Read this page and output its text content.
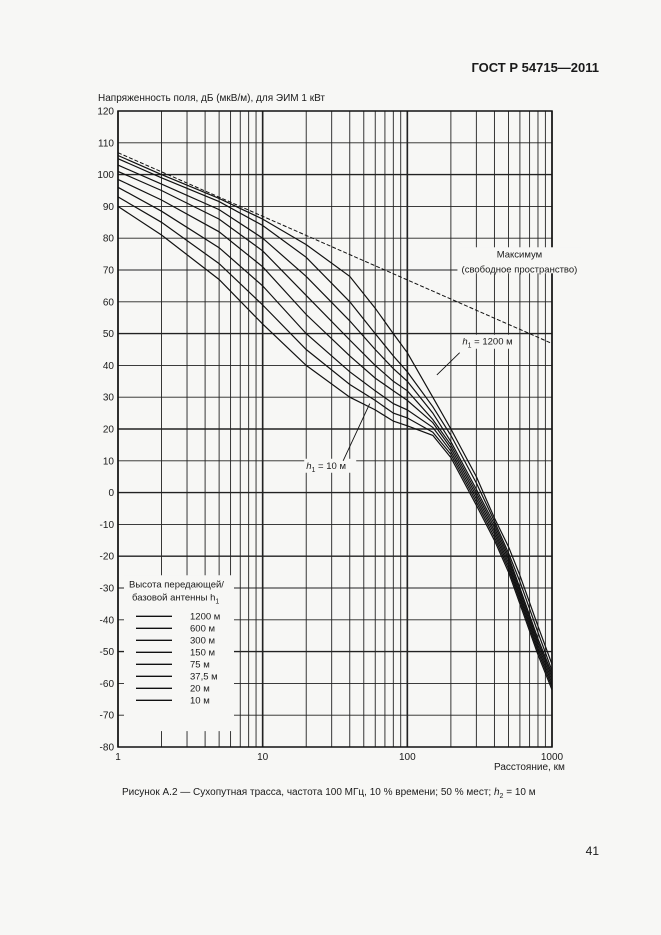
ГОСТ Р 54715—2011
Напряженность поля, дБ (мкВ/м), для ЭИМ 1 кВт
120
110
100
90
80
70
60
50
40
30
20
10
0
-10
-20
-30
-40
-50
-60
-70
-80
1	10	100	1000
Высота передающей/
базовой антенны $h_1$
1200 м
600 м
300 м
150 м
75 м
37,5 м
20 м
10 м
Максимум
(свободное пространство)
$h_1 = 1200$ м
$h_1 = 10$ м
Расстояние, км
Рисунок А.2 — Сухопутная трасса, частота 100 МГц, 10 % времени; 50 % мест; $h_2 = 10$ м
41
